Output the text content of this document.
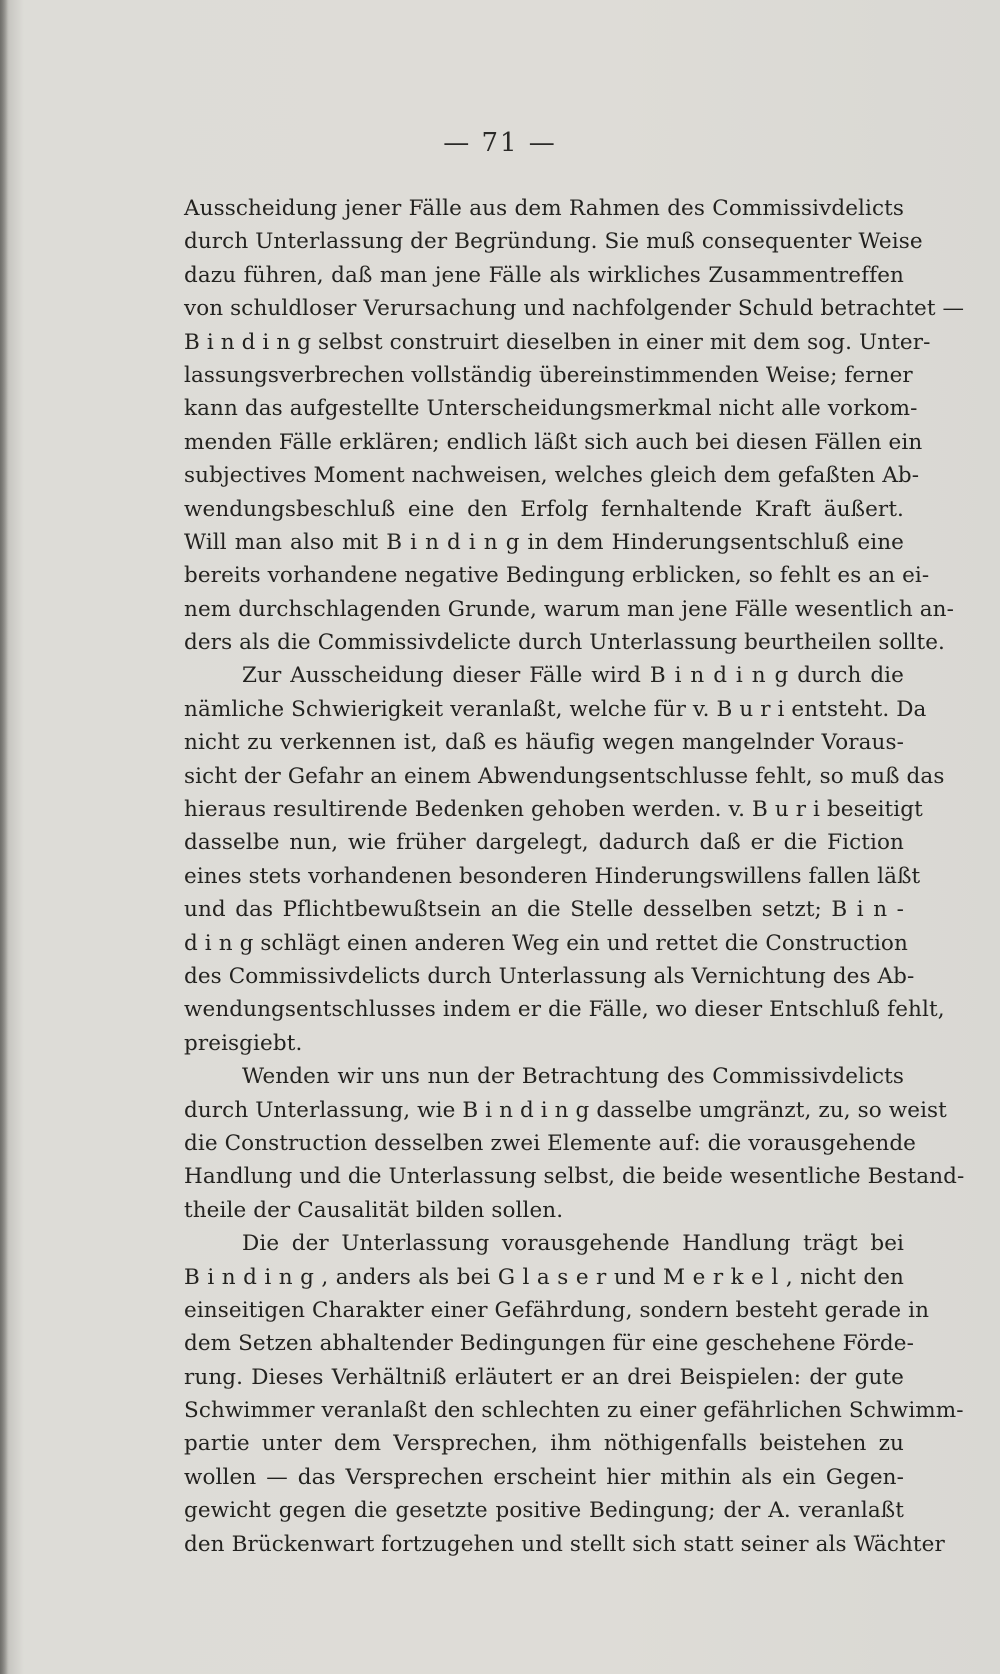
— 71 —
Ausscheidung jener Fälle aus dem Rahmen des Commissivdelicts
durch Unterlassung der Begründung. Sie muß consequenter Weise
dazu führen, daß man jene Fälle als wirkliches Zusammentreffen
von schuldloser Verursachung und nachfolgender Schuld betrachtet —
B i n d i n g selbst construirt dieselben in einer mit dem sog. Unter-
lassungsverbrechen vollständig übereinstimmenden Weise; ferner
kann das aufgestellte Unterscheidungsmerkmal nicht alle vorkom-
menden Fälle erklären; endlich läßt sich auch bei diesen Fällen ein
subjectives Moment nachweisen, welches gleich dem gefaßten Ab-
wendungsbeschluß eine den Erfolg fernhaltende Kraft äußert.
Will man also mit B i n d i n g in dem Hinderungsentschluß eine
bereits vorhandene negative Bedingung erblicken, so fehlt es an ei-
nem durchschlagenden Grunde, warum man jene Fälle wesentlich an-
ders als die Commissivdelicte durch Unterlassung beurtheilen sollte.
Zur Ausscheidung dieser Fälle wird B i n d i n g durch die
nämliche Schwierigkeit veranlaßt, welche für v. B u r i entsteht. Da
nicht zu verkennen ist, daß es häufig wegen mangelnder Voraus-
sicht der Gefahr an einem Abwendungsentschlusse fehlt, so muß das
hieraus resultirende Bedenken gehoben werden. v. B u r i beseitigt
dasselbe nun, wie früher dargelegt, dadurch daß er die Fiction
eines stets vorhandenen besonderen Hinderungswillens fallen läßt
und das Pflichtbewußtsein an die Stelle desselben setzt; B i n -
d i n g schlägt einen anderen Weg ein und rettet die Construction
des Commissivdelicts durch Unterlassung als Vernichtung des Ab-
wendungsentschlusses indem er die Fälle, wo dieser Entschluß fehlt,
preisgiebt.
Wenden wir uns nun der Betrachtung des Commissivdelicts
durch Unterlassung, wie B i n d i n g dasselbe umgränzt, zu, so weist
die Construction desselben zwei Elemente auf: die vorausgehende
Handlung und die Unterlassung selbst, die beide wesentliche Bestand-
theile der Causalität bilden sollen.
Die der Unterlassung vorausgehende Handlung trägt bei
B i n d i n g , anders als bei G l a s e r und M e r k e l , nicht den
einseitigen Charakter einer Gefährdung, sondern besteht gerade in
dem Setzen abhaltender Bedingungen für eine geschehene Förde-
rung. Dieses Verhältniß erläutert er an drei Beispielen: der gute
Schwimmer veranlaßt den schlechten zu einer gefährlichen Schwimm-
partie unter dem Versprechen, ihm nöthigenfalls beistehen zu
wollen — das Versprechen erscheint hier mithin als ein Gegen-
gewicht gegen die gesetzte positive Bedingung; der A. veranlaßt
den Brückenwart fortzugehen und stellt sich statt seiner als Wächter
